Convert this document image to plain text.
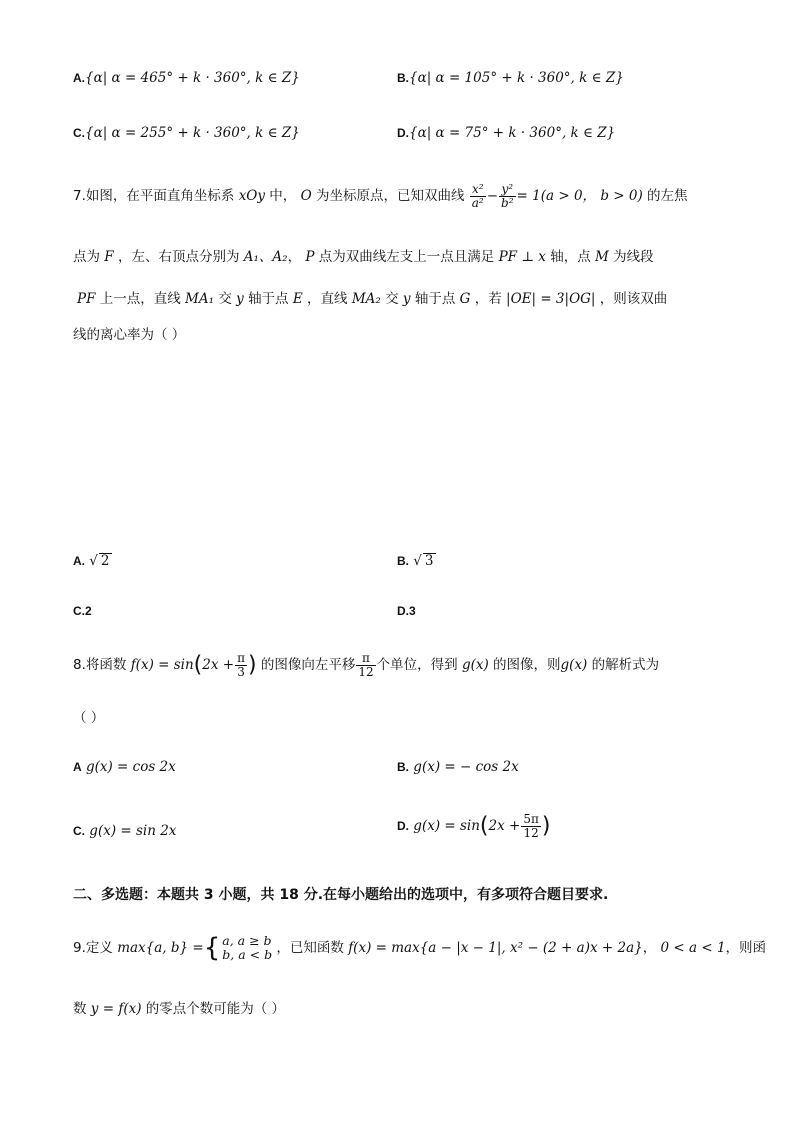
A.{α| α = 465° + k · 360°, k ∈ Z}	B.{α| α = 105° + k · 360°, k ∈ Z}
C.{α| α = 255° + k · 360°, k ∈ Z}	D.{α| α = 75° + k · 360°, k ∈ Z}
7.如图，在平面直角坐标系 xOy 中， O 为坐标原点，已知双曲线 $\frac{\text{x²}}{\text{a²}} - \frac{\text{y²}}{\text{b²}} = 1(a > 0$， b > 0) 的左焦
点为 F ，左、右顶点分别为 A₁、A₂， P 点为双曲线左支上一点且满足 PF ⊥ x 轴，点 M 为线段
PF 上一点，直线 MA₁ 交 y 轴于点 E ，直线 MA₂ 交 y 轴于点 G ，若 |OE| = 3|OG| ，则该双曲
线的离心率为（ ）
A. √ 2	B. √ 3
C.2	D.3
8.将函数 $f(x) = \sin(2x + \frac{\pi}{3}$ ) 的图像向左平移 $\frac{\pi}{12}$ 个单位，得到 g(x) 的图像，则g(x) 的解析式为
（ ）
A g(x) = cos 2x	B. g(x) = − cos 2x
C. g(x) = sin 2x	D. $g(x) = \sin(2x + \frac{5\pi}{12}$ )
二、多选题：本题共 3 小题，共 18 分.在每小题给出的选项中，有多项符合题目要求.
9.定义 max{a, b} ={ a, a ≥ b
b, a < b ，已知函数 f(x) = max{a − |x − 1|, x² − (2 + a)x + 2a}， 0 < a < 1，则函
数 y = f(x) 的零点个数可能为（ ）
